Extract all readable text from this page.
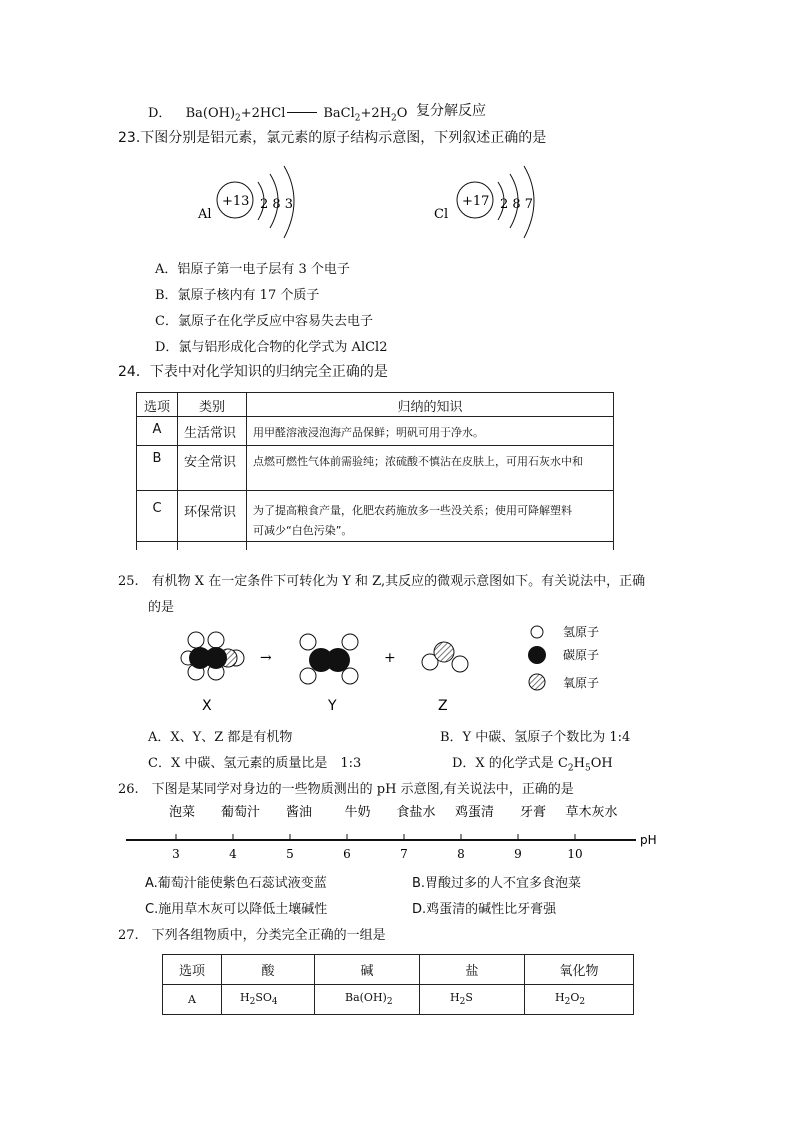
D． $Ba(OH)_2+2HCl$	$BaCl_2+2H_2O$ 复分解反应
23.下图分别是铝元素，氯元素的原子结构示意图，下列叙述正确的是
Al
+13 2 8 3
Cl
+17 2 8 7
A．铝原子第一电子层有 3 个电子
B．氯原子核内有 17 个质子
C．氯原子在化学反应中容易失去电子
D．氯与铝形成化合物的化学式为 AlCl2
24．下表中对化学知识的归纳完全正确的是
选项	类别	归纳的知识
A	生活常识	用甲醛溶液浸泡海产品保鲜；明矾可用于净水。
B	安全常识	点燃可燃性气体前需验纯；浓硫酸不慎沾在皮肤上，可用石灰水中和
C	环保常识	为了提高粮食产量，化肥农药施放多一些没关系；使用可降解塑料
可减少“白色污染”。

25.　有机物 X 在一定条件下可转化为 Y 和 Z,其反应的微观示意图如下。有关说法中，正确
的是
→	+
X	Y	Z
氢原子
碳原子
氧原子
A．X、Y、Z 都是有机物	B．Y 中碳、氢原子个数比为 1:4
C．X 中碳、氢元素的质量比是　1:3	D．X 的化学式是 $C_2H_5OH$
26.　下图是某同学对身边的一些物质测出的 pH 示意图,有关说法中，正确的是
泡菜 葡萄汁 酱油 牛奶 食盐水 鸡蛋清 牙膏 草木灰水
3	4	5	6	7	8	9	10
pH
A.葡萄汁能使紫色石蕊试液变蓝	B.胃酸过多的人不宜多食泡菜
C.施用草木灰可以降低土壤碱性	D.鸡蛋清的碱性比牙膏强
27.　下列各组物质中，分类完全正确的一组是
选项	酸	碱	盐	氧化物
A	$H_2SO_4$	$Ba(OH)_2$	$H_2S$	$H_2O_2$
